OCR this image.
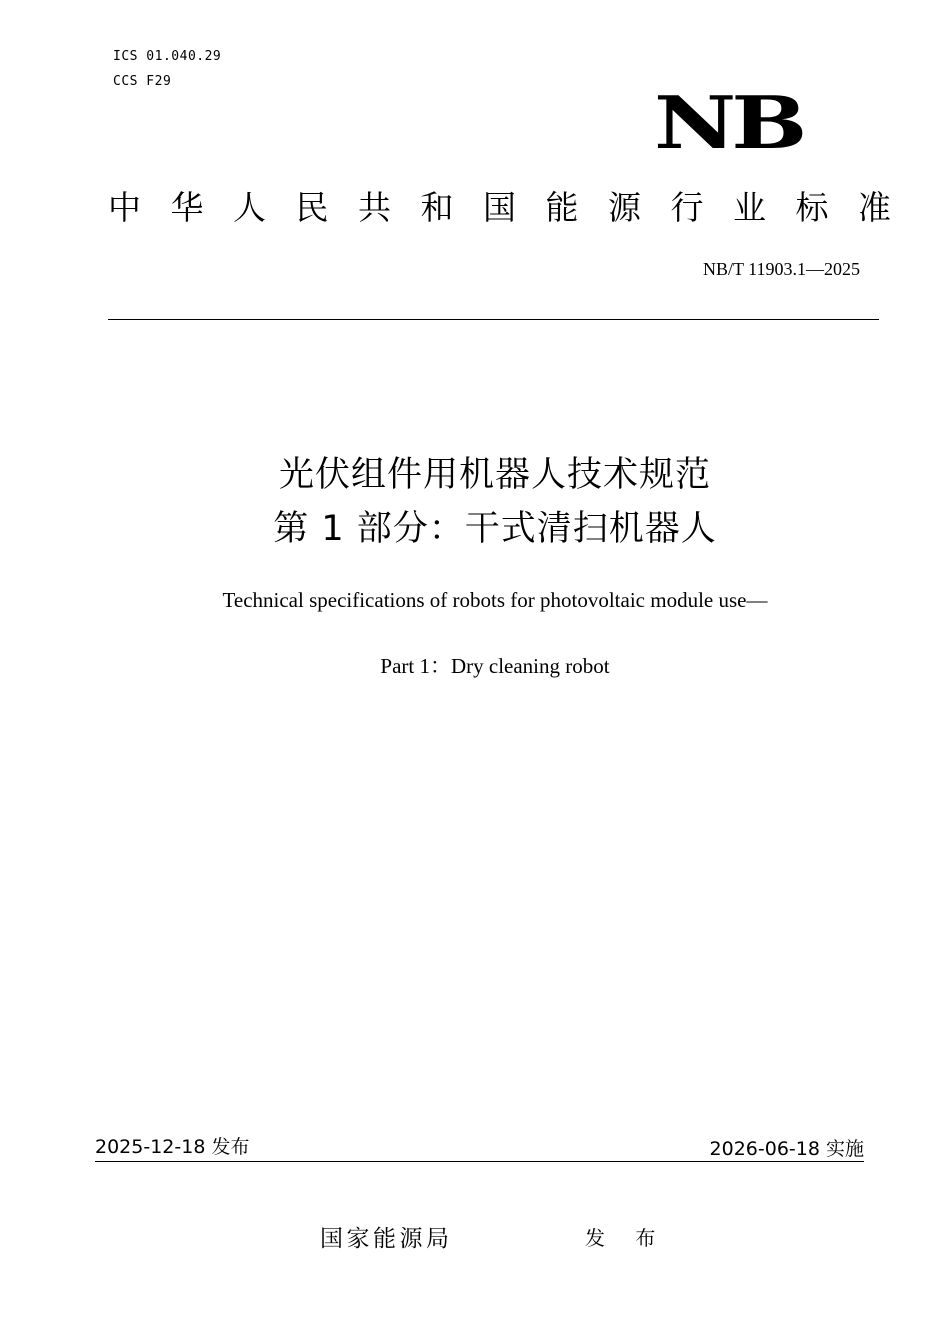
ICS 01.040.29
CCS F29	NB
中华人民共和国能源行业标准
NB/T 11903.1—2025
光伏组件用机器人技术规范
第 1 部分：干式清扫机器人
Technical specifications of robots for photovoltaic module use—
Part 1：Dry cleaning robot
2025-12-18 发布	2026-06-18 实施
国家能源局	发 布
